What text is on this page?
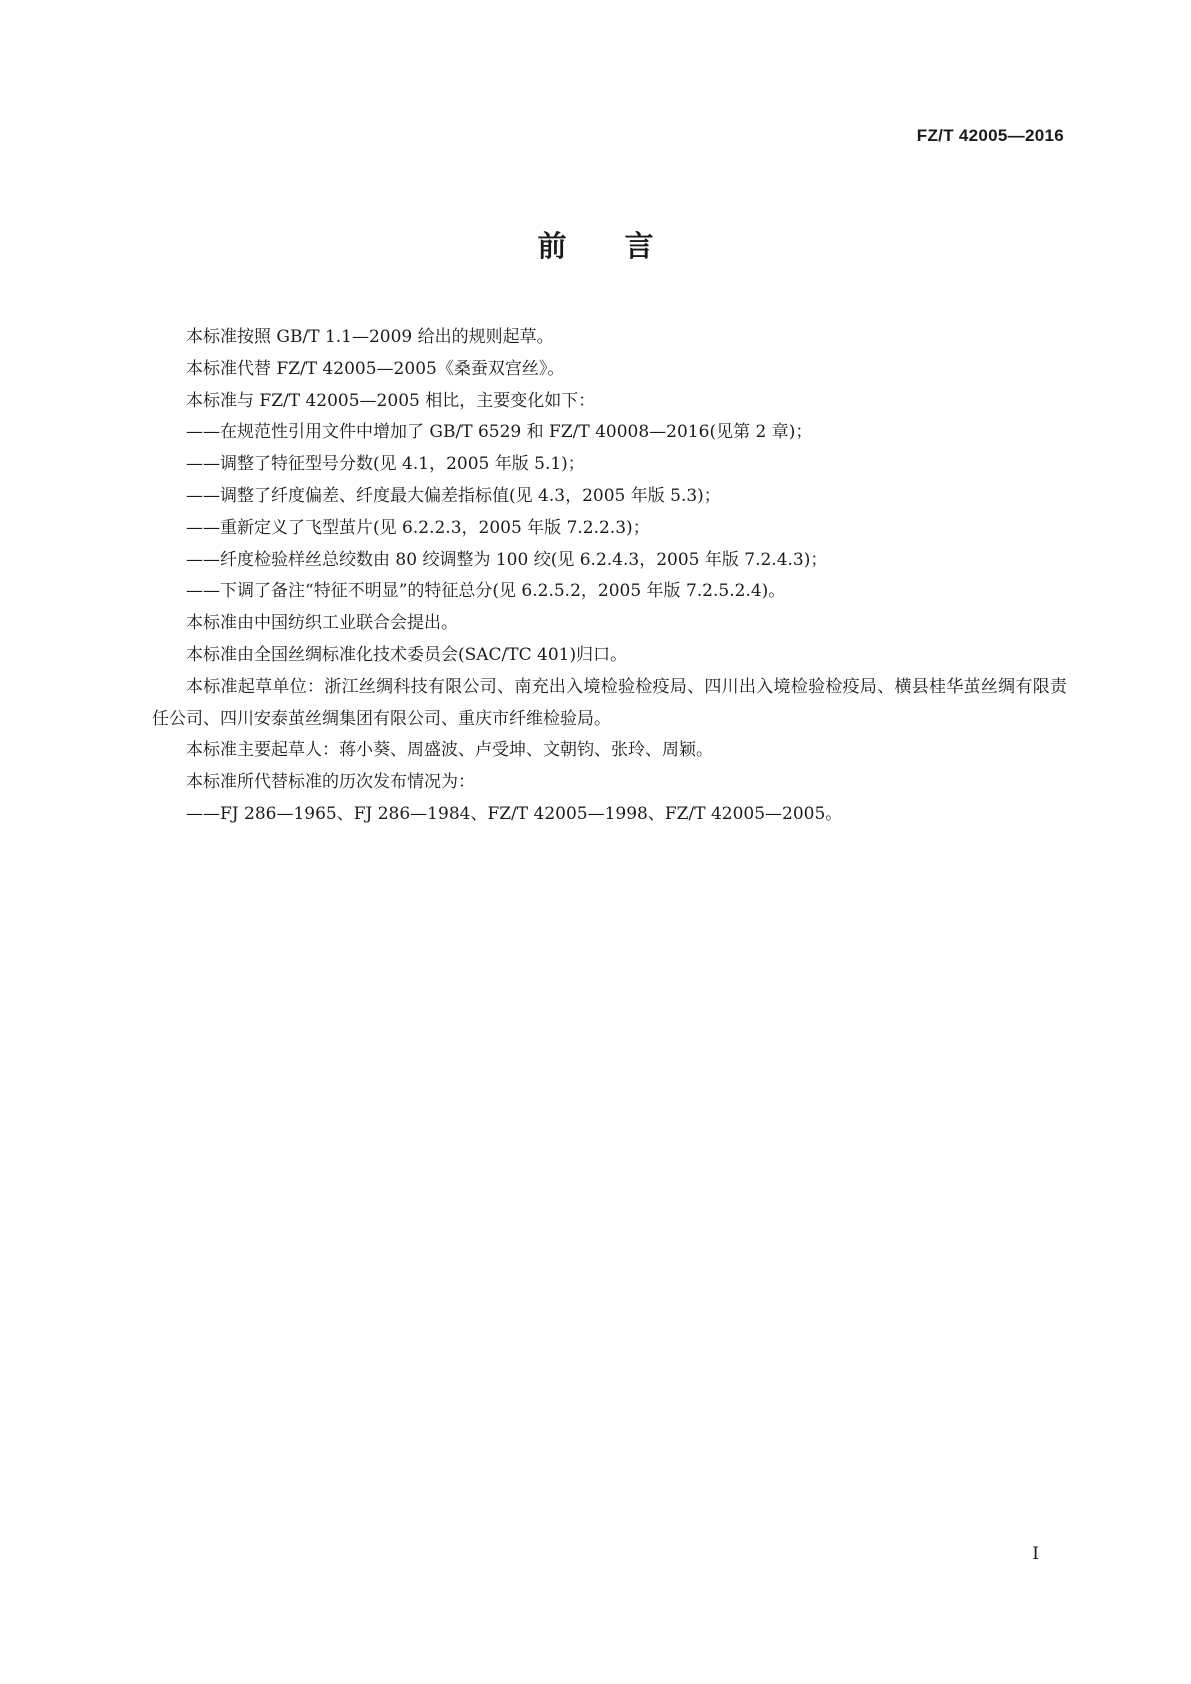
FZ/T 42005—2016
前言

本标准按照 GB/T 1.1—2009 给出的规则起草。

本标准代替 FZ/T 42005—2005《桑蚕双宫丝》。

本标准与 FZ/T 42005—2005 相比，主要变化如下：

——在规范性引用文件中增加了 GB/T 6529 和 FZ/T 40008—2016(见第 2 章)；

——调整了特征型号分数(见 4.1，2005 年版 5.1)；

——调整了纤度偏差、纤度最大偏差指标值(见 4.3，2005 年版 5.3)；

——重新定义了飞型茧片(见 6.2.2.3，2005 年版 7.2.2.3)；

——纤度检验样丝总绞数由 80 绞调整为 100 绞(见 6.2.4.3，2005 年版 7.2.4.3)；

——下调了备注“特征不明显”的特征总分(见 6.2.5.2，2005 年版 7.2.5.2.4)。

本标准由中国纺织工业联合会提出。

本标准由全国丝绸标准化技术委员会(SAC/TC 401)归口。

本标准起草单位：浙江丝绸科技有限公司、南充出入境检验检疫局、四川出入境检验检疫局、横县桂华茧丝绸有限责任公司、四川安泰茧丝绸集团有限公司、重庆市纤维检验局。

本标准主要起草人：蒋小葵、周盛波、卢受坤、文朝钧、张玲、周颖。

本标准所代替标准的历次发布情况为：

——FJ 286—1965、FJ 286—1984、FZ/T 42005—1998、FZ/T 42005—2005。

I
